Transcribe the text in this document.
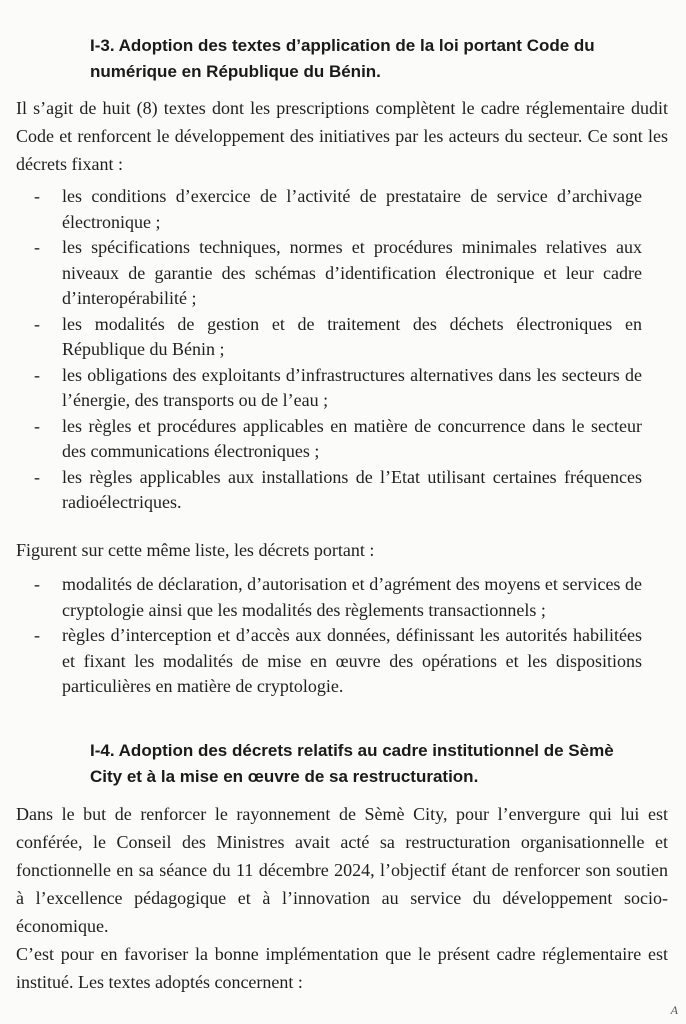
I-3. Adoption des textes d’application de la loi portant Code du numérique en République du Bénin.

Il s’agit de huit (8) textes dont les prescriptions complètent le cadre réglementaire dudit Code et renforcent le développement des initiatives par les acteurs du secteur. Ce sont les décrets fixant :

- les conditions d’exercice de l’activité de prestataire de service d’archivage électronique ;
- les spécifications techniques, normes et procédures minimales relatives aux niveaux de garantie des schémas d’identification électronique et leur cadre d’interopérabilité ;
- les modalités de gestion et de traitement des déchets électroniques en République du Bénin ;
- les obligations des exploitants d’infrastructures alternatives dans les secteurs de l’énergie, des transports ou de l’eau ;
- les règles et procédures applicables en matière de concurrence dans le secteur des communications électroniques ;
- les règles applicables aux installations de l’Etat utilisant certaines fréquences radioélectriques.

Figurent sur cette même liste, les décrets portant :

- modalités de déclaration, d’autorisation et d’agrément des moyens et services de cryptologie ainsi que les modalités des règlements transactionnels ;
- règles d’interception et d’accès aux données, définissant les autorités habilitées et fixant les modalités de mise en œuvre des opérations et les dispositions particulières en matière de cryptologie.
I-4. Adoption des décrets relatifs au cadre institutionnel de Sèmè City et à la mise en œuvre de sa restructuration.

Dans le but de renforcer le rayonnement de Sèmè City, pour l’envergure qui lui est conférée, le Conseil des Ministres avait acté sa restructuration organisationnelle et fonctionnelle en sa séance du 11 décembre 2024, l’objectif étant de renforcer son soutien à l’excellence pédagogique et à l’innovation au service du développement socio-économique.

C’est pour en favoriser la bonne implémentation que le présent cadre réglementaire est institué. Les textes adoptés concernent :

A
